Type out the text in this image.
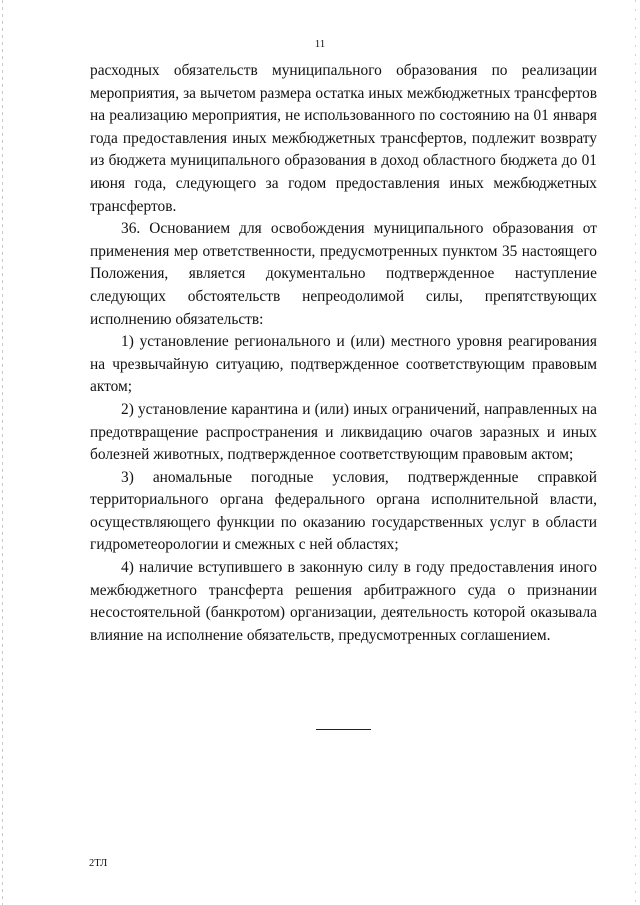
11

расходных обязательств муниципального образования по реализации мероприятия, за вычетом размера остатка иных межбюджетных трансфертов на реализацию мероприятия, не использованного по состоянию на 01 января года предоставления иных межбюджетных трансфертов, подлежит возврату из бюджета муниципального образования в доход областного бюджета до 01 июня года, следующего за годом предоставления иных межбюджетных трансфертов.

36. Основанием для освобождения муниципального образования от применения мер ответственности, предусмотренных пунктом 35 настоящего Положения, является документально подтвержденное наступление следующих обстоятельств непреодолимой силы, препятствующих исполнению обязательств:

1) установление регионального и (или) местного уровня реагирования на чрезвычайную ситуацию, подтвержденное соответствующим правовым актом;

2) установление карантина и (или) иных ограничений, направленных на предотвращение распространения и ликвидацию очагов заразных и иных болезней животных, подтвержденное соответствующим правовым актом;

3) аномальные погодные условия, подтвержденные справкой территориального органа федерального органа исполнительной власти, осуществляющего функции по оказанию государственных услуг в области гидрометеорологии и смежных с ней областях;

4) наличие вступившего в законную силу в году предоставления иного межбюджетного трансферта решения арбитражного суда о признании несостоятельной (банкротом) организации, деятельность которой оказывала влияние на исполнение обязательств, предусмотренных соглашением.

2ТЛ
